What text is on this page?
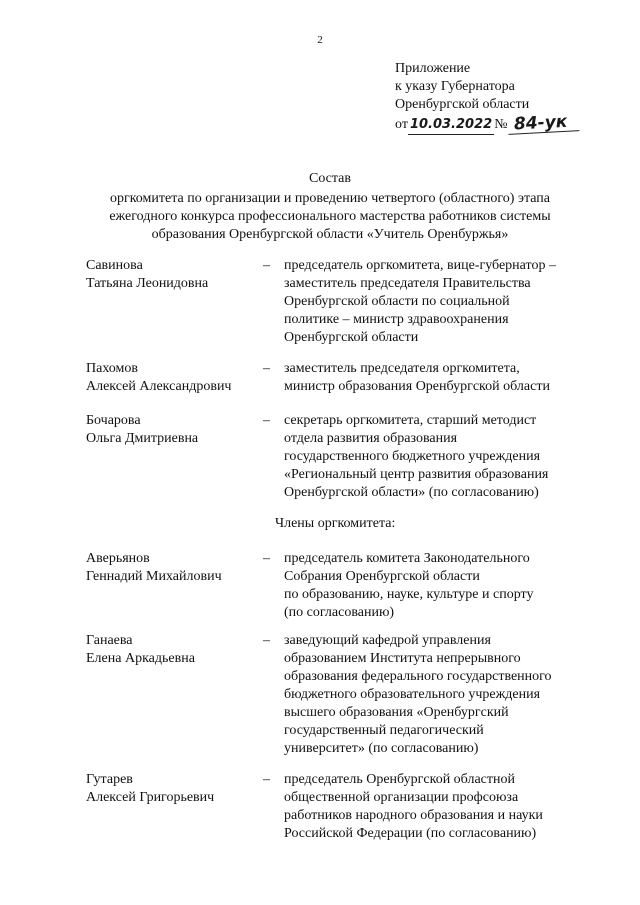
2
Приложение
к указу Губернатора
Оренбургской области
от 10.03.2022 № 84-ук
Состав
оргкомитета по организации и проведению четвертого (областного) этапа
ежегодного конкурса профессионального мастерства работников системы
образования Оренбургской области «Учитель Оренбуржья»
Савинова
Татьяна Леонидовна
– председатель оргкомитета, вице-губернатор –
заместитель председателя Правительства
Оренбургской области по социальной
политике – министр здравоохранения
Оренбургской области
Пахомов
Алексей Александрович
– заместитель председателя оргкомитета,
министр образования Оренбургской области
Бочарова
Ольга Дмитриевна
– секретарь оргкомитета, старший методист
отдела развития образования
государственного бюджетного учреждения
«Региональный центр развития образования
Оренбургской области» (по согласованию)
Члены оргкомитета:
Аверьянов
Геннадий Михайлович
– председатель комитета Законодательного
Собрания Оренбургской области
по образованию, науке, культуре и спорту
(по согласованию)
Ганаева
Елена Аркадьевна
– заведующий кафедрой управления
образованием Института непрерывного
образования федерального государственного
бюджетного образовательного учреждения
высшего образования «Оренбургский
государственный педагогический
университет» (по согласованию)
Гутарев
Алексей Григорьевич
– председатель Оренбургской областной
общественной организации профсоюза
работников народного образования и науки
Российской Федерации (по согласованию)
